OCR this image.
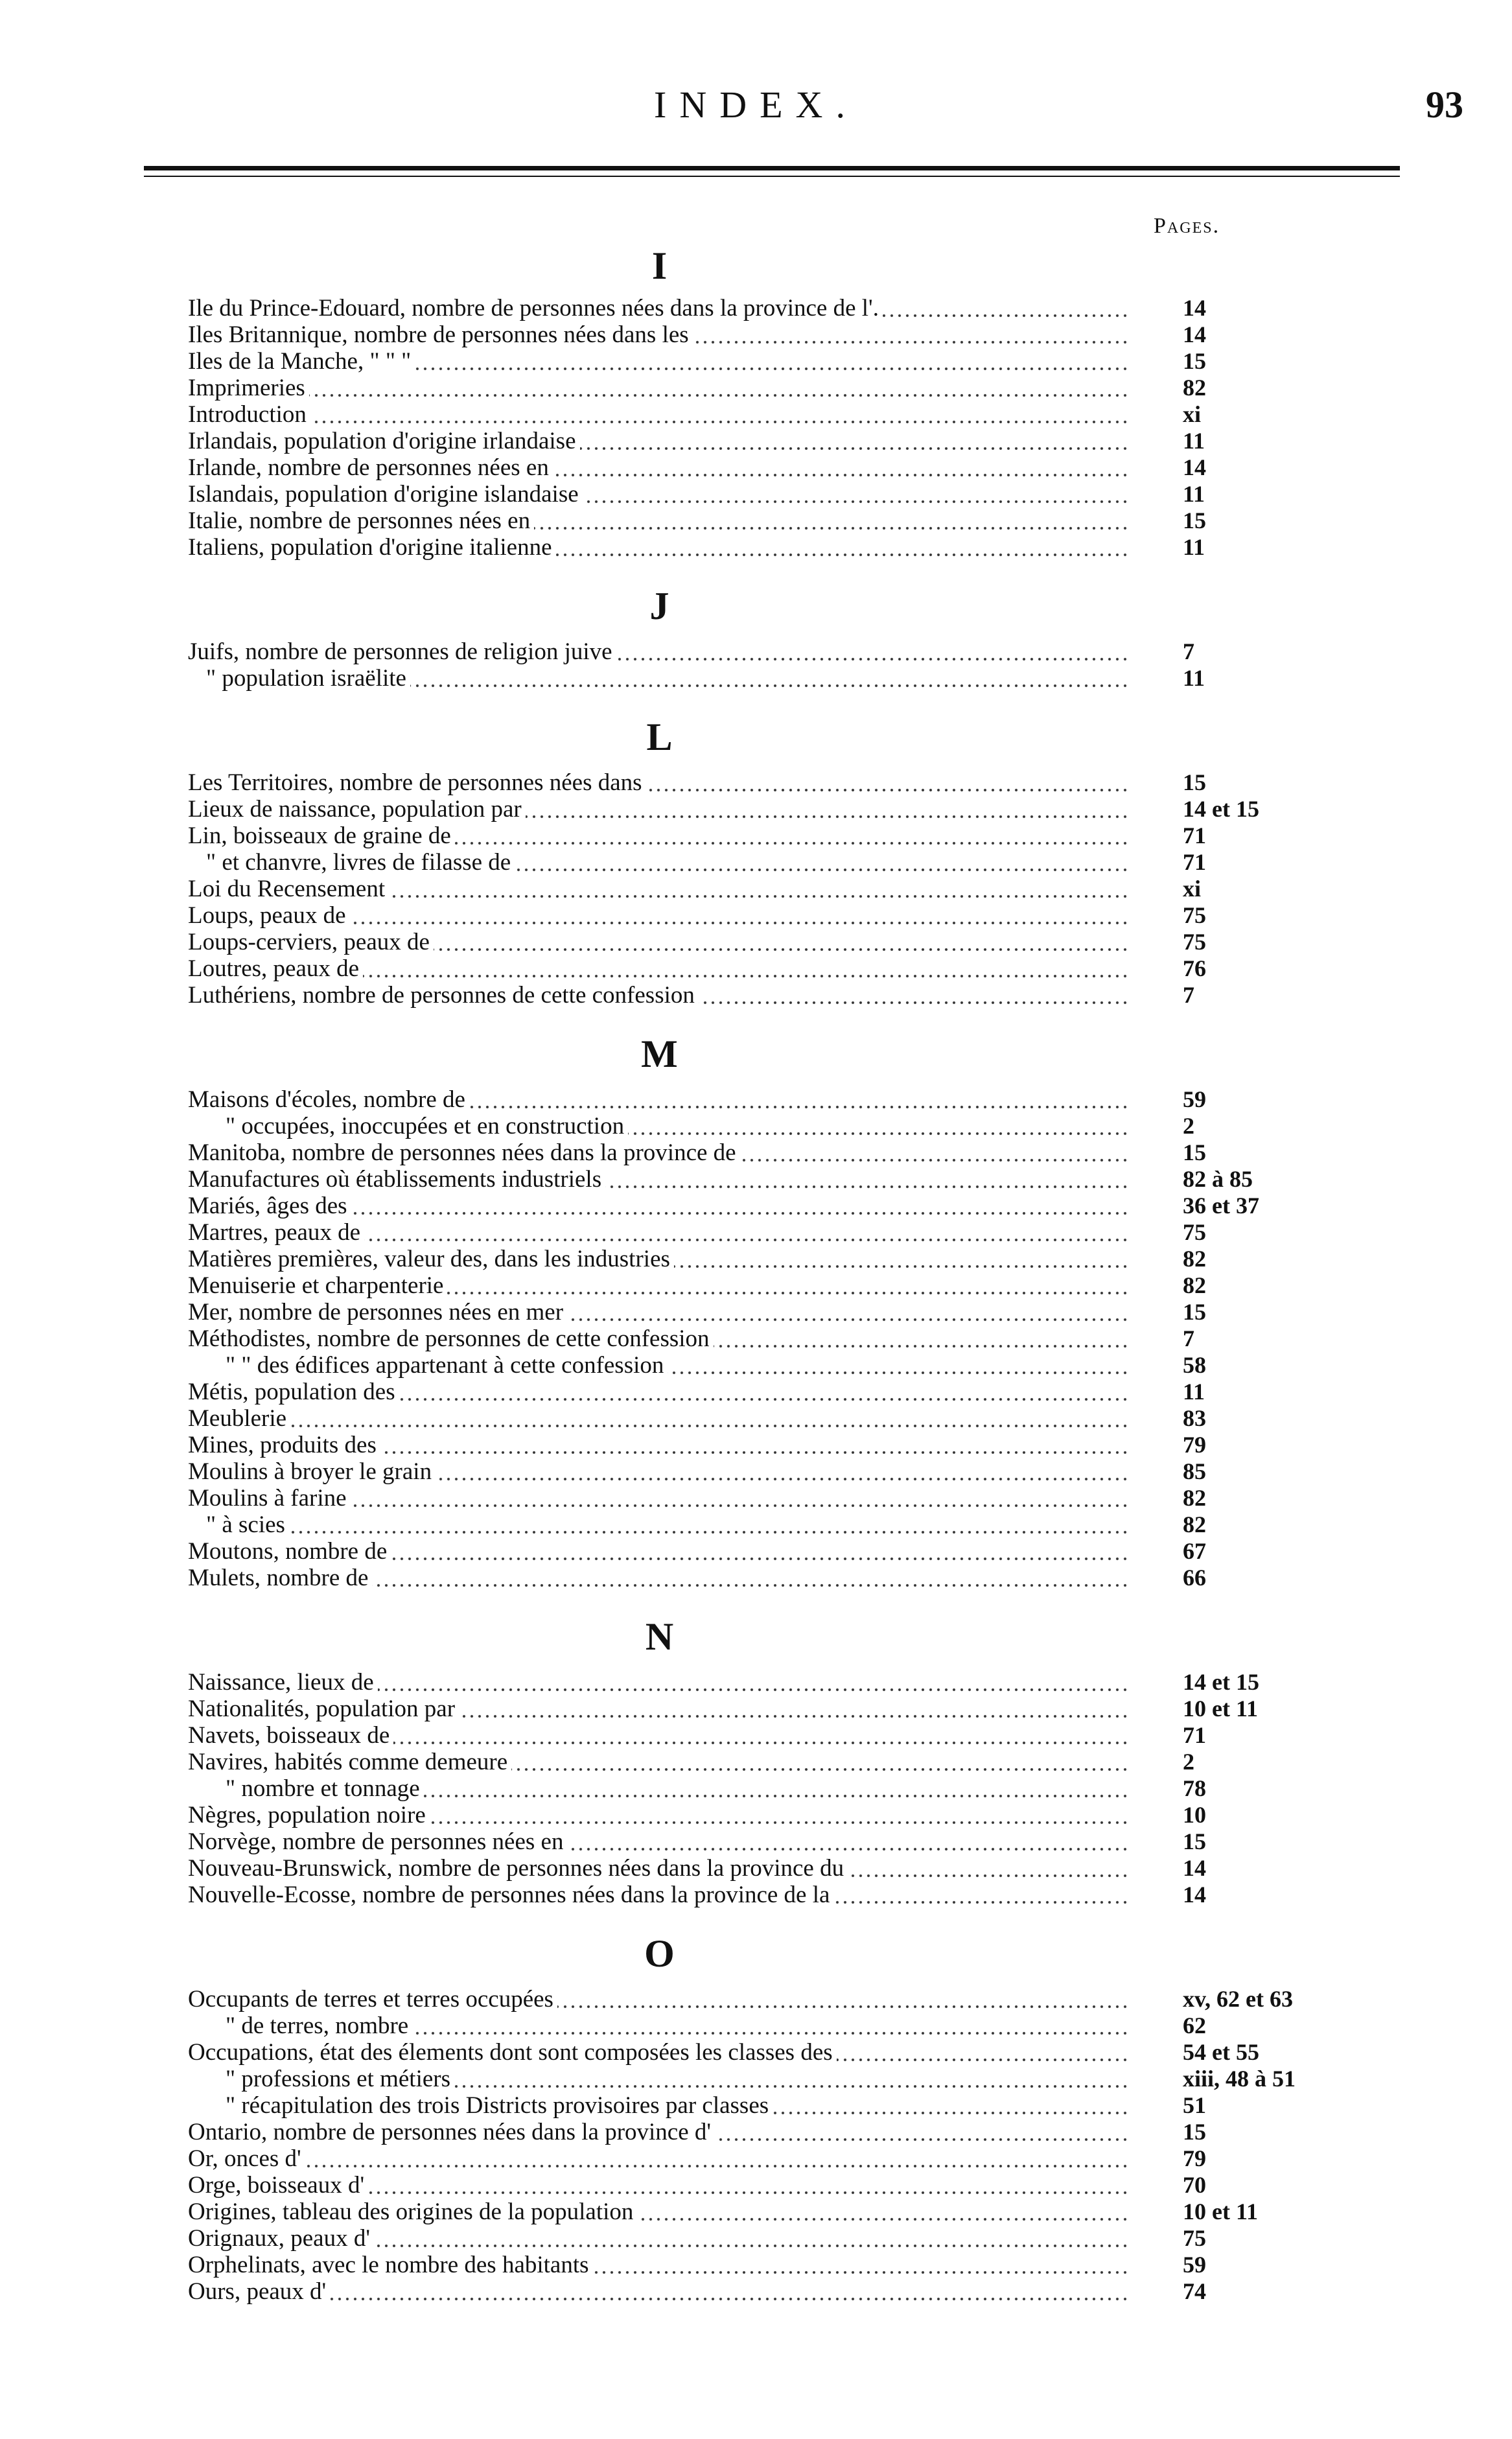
INDEX.	93
Pages.
I
Ile du Prince-Edouard, nombre de personnes nées dans la province de l'.	14
Iles Britannique, nombre de personnes nées dans les	14
Iles de la Manche, " " "	15
Imprimeries	82
Introduction	xi
Irlandais, population d'origine irlandaise	11
Irlande, nombre de personnes nées en	14
Islandais, population d'origine islandaise	11
Italie, nombre de personnes nées en	15
Italiens, population d'origine italienne	11
J
Juifs, nombre de personnes de religion juive	7
" population israëlite	11
L
Les Territoires, nombre de personnes nées dans	15
Lieux de naissance, population par	14 et 15
Lin, boisseaux de graine de	71
" et chanvre, livres de filasse de	71
Loi du Recensement	xi
Loups, peaux de	75
Loups-cerviers, peaux de	75
Loutres, peaux de	76
Luthériens, nombre de personnes de cette confession	7
M
Maisons d'écoles, nombre de	59
" occupées, inoccupées et en construction	2
Manitoba, nombre de personnes nées dans la province de	15
Manufactures où établissements industriels	82 à 85
Mariés, âges des	36 et 37
Martres, peaux de	75
Matières premières, valeur des, dans les industries	82
Menuiserie et charpenterie	82
Mer, nombre de personnes nées en mer	15
Méthodistes, nombre de personnes de cette confession	7
" " des édifices appartenant à cette confession	58
Métis, population des	11
Meublerie	83
Mines, produits des	79
Moulins à broyer le grain	85
Moulins à farine	82
" à scies	82
Moutons, nombre de	67
Mulets, nombre de	66
N
Naissance, lieux de	14 et 15
Nationalités, population par	10 et 11
Navets, boisseaux de	71
Navires, habités comme demeure	2
" nombre et tonnage	78
Nègres, population noire	10
Norvège, nombre de personnes nées en	15
Nouveau-Brunswick, nombre de personnes nées dans la province du	14
Nouvelle-Ecosse, nombre de personnes nées dans la province de la	14
O
Occupants de terres et terres occupées	xv, 62 et 63
" de terres, nombre	62
Occupations, état des élements dont sont composées les classes des	54 et 55
" professions et métiers	xiii, 48 à 51
" récapitulation des trois Districts provisoires par classes	51
Ontario, nombre de personnes nées dans la province d'	15
Or, onces d'	79
Orge, boisseaux d'	70
Origines, tableau des origines de la population	10 et 11
Orignaux, peaux d'	75
Orphelinats, avec le nombre des habitants	59
Ours, peaux d'	74
